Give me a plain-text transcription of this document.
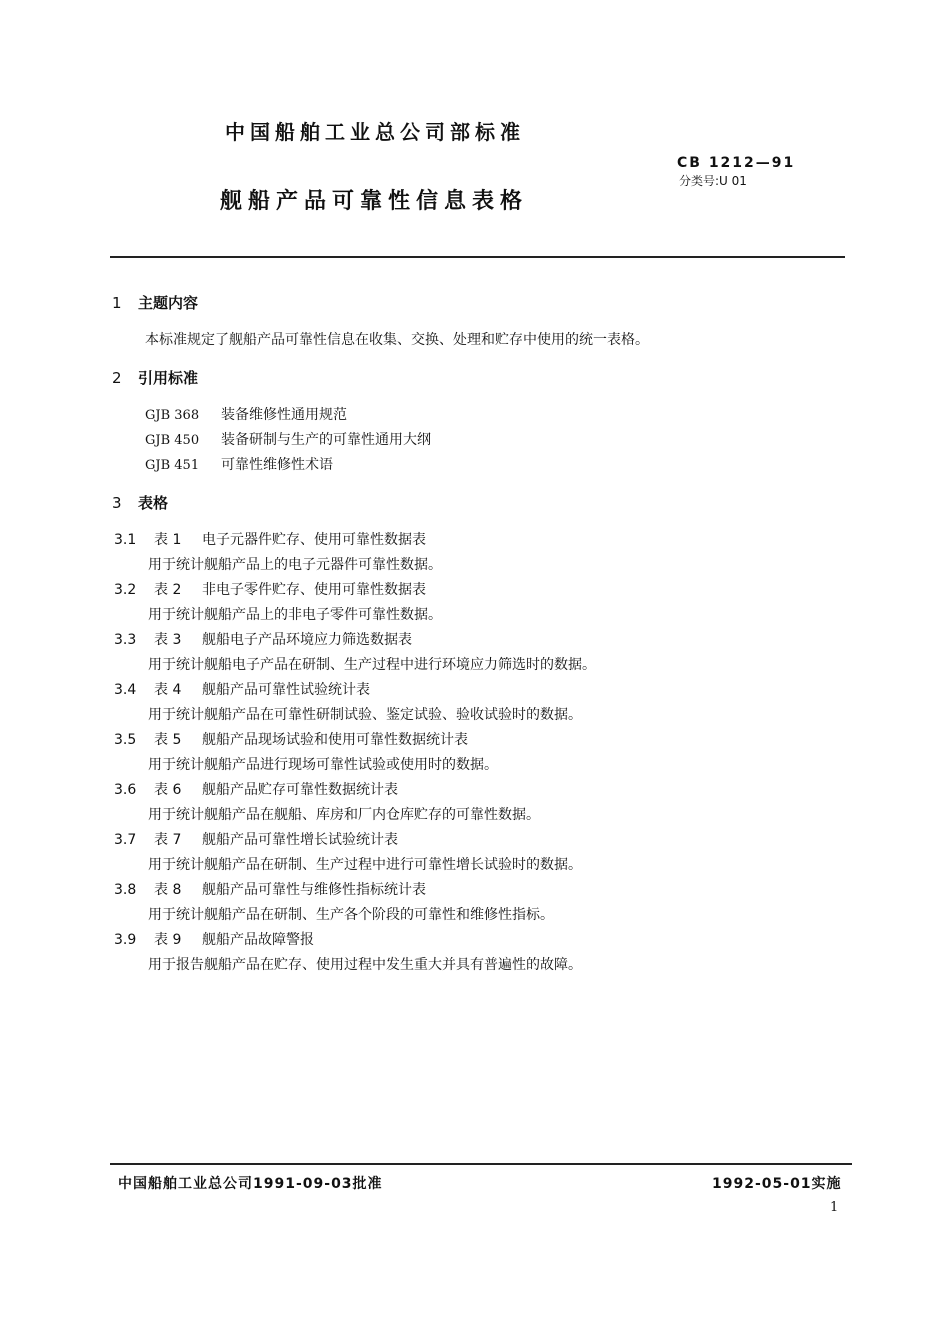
中国船舶工业总公司部标准
CB 1212—91
分类号:U 01
舰船产品可靠性信息表格
1 主题内容
本标准规定了舰船产品可靠性信息在收集、交换、处理和贮存中使用的统一表格。
2 引用标准
GJB 368 装备维修性通用规范
GJB 450 装备研制与生产的可靠性通用大纲
GJB 451 可靠性维修性术语
3 表格
3.1 表 1 电子元器件贮存、使用可靠性数据表
用于统计舰船产品上的电子元器件可靠性数据。
3.2 表 2 非电子零件贮存、使用可靠性数据表
用于统计舰船产品上的非电子零件可靠性数据。
3.3 表 3 舰船电子产品环境应力筛选数据表
用于统计舰船电子产品在研制、生产过程中进行环境应力筛选时的数据。
3.4 表 4 舰船产品可靠性试验统计表
用于统计舰船产品在可靠性研制试验、鉴定试验、验收试验时的数据。
3.5 表 5 舰船产品现场试验和使用可靠性数据统计表
用于统计舰船产品进行现场可靠性试验或使用时的数据。
3.6 表 6 舰船产品贮存可靠性数据统计表
用于统计舰船产品在舰船、库房和厂内仓库贮存的可靠性数据。
3.7 表 7 舰船产品可靠性增长试验统计表
用于统计舰船产品在研制、生产过程中进行可靠性增长试验时的数据。
3.8 表 8 舰船产品可靠性与维修性指标统计表
用于统计舰船产品在研制、生产各个阶段的可靠性和维修性指标。
3.9 表 9 舰船产品故障警报
用于报告舰船产品在贮存、使用过程中发生重大并具有普遍性的故障。
中国船舶工业总公司1991-09-03批准	1992-05-01实施
1
